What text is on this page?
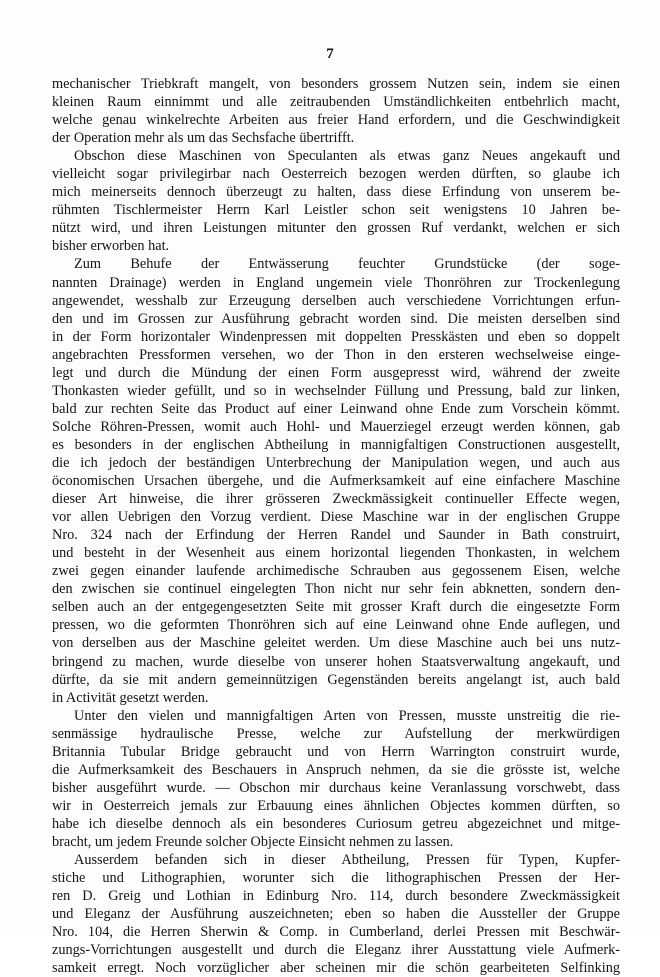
7
mechanischer Triebkraft mangelt, von besonders grossem Nutzen sein, indem sie einen
kleinen Raum einnimmt und alle zeitraubenden Umständlichkeiten entbehrlich macht,
welche genau winkelrechte Arbeiten aus freier Hand erfordern, und die Geschwindigkeit
der Operation mehr als um das Sechsfache übertrifft.
Obschon diese Maschinen von Speculanten als etwas ganz Neues angekauft und
vielleicht sogar privilegirbar nach Oesterreich bezogen werden dürften, so glaube ich
mich meinerseits dennoch überzeugt zu halten, dass diese Erfindung von unserem be-
rühmten Tischlermeister Herrn Karl Leistler schon seit wenigstens 10 Jahren be-
nützt wird, und ihren Leistungen mitunter den grossen Ruf verdankt, welchen er sich
bisher erworben hat.
Zum Behufe der Entwässerung feuchter Grundstücke (der soge-
nannten Drainage) werden in England ungemein viele Thonröhren zur Trockenlegung
angewendet, wesshalb zur Erzeugung derselben auch verschiedene Vorrichtungen erfun-
den und im Grossen zur Ausführung gebracht worden sind. Die meisten derselben sind
in der Form horizontaler Windenpressen mit doppelten Presskästen und eben so doppelt
angebrachten Pressformen versehen, wo der Thon in den ersteren wechselweise einge-
legt und durch die Mündung der einen Form ausgepresst wird, während der zweite
Thonkasten wieder gefüllt, und so in wechselnder Füllung und Pressung, bald zur linken,
bald zur rechten Seite das Product auf einer Leinwand ohne Ende zum Vorschein kömmt.
Solche Röhren-Pressen, womit auch Hohl- und Mauerziegel erzeugt werden können, gab
es besonders in der englischen Abtheilung in mannigfaltigen Constructionen ausgestellt,
die ich jedoch der beständigen Unterbrechung der Manipulation wegen, und auch aus
öconomischen Ursachen übergehe, und die Aufmerksamkeit auf eine einfachere Maschine
dieser Art hinweise, die ihrer grösseren Zweckmässigkeit continueller Effecte wegen,
vor allen Uebrigen den Vorzug verdient. Diese Maschine war in der englischen Gruppe
Nro. 324 nach der Erfindung der Herren Randel und Saunder in Bath construirt,
und besteht in der Wesenheit aus einem horizontal liegenden Thonkasten, in welchem
zwei gegen einander laufende archimedische Schrauben aus gegossenem Eisen, welche
den zwischen sie continuel eingelegten Thon nicht nur sehr fein abknetten, sondern den-
selben auch an der entgegengesetzten Seite mit grosser Kraft durch die eingesetzte Form
pressen, wo die geformten Thonröhren sich auf eine Leinwand ohne Ende auflegen, und
von derselben aus der Maschine geleitet werden. Um diese Maschine auch bei uns nutz-
bringend zu machen, wurde dieselbe von unserer hohen Staatsverwaltung angekauft, und
dürfte, da sie mit andern gemeinnützigen Gegenständen bereits angelangt ist, auch bald
in Activität gesetzt werden.
Unter den vielen und mannigfaltigen Arten von Pressen, musste unstreitig die rie-
senmässige hydraulische Presse, welche zur Aufstellung der merkwürdigen
Britannia Tubular Bridge gebraucht und von Herrn Warrington construirt wurde,
die Aufmerksamkeit des Beschauers in Anspruch nehmen, da sie die grösste ist, welche
bisher ausgeführt wurde. — Obschon mir durchaus keine Veranlassung vorschwebt, dass
wir in Oesterreich jemals zur Erbauung eines ähnlichen Objectes kommen dürften, so
habe ich dieselbe dennoch als ein besonderes Curiosum getreu abgezeichnet und mitge-
bracht, um jedem Freunde solcher Objecte Einsicht nehmen zu lassen.
Ausserdem befanden sich in dieser Abtheilung, Pressen für Typen, Kupfer-
stiche und Lithographien, worunter sich die lithographischen Pressen der Her-
ren D. Greig und Lothian in Edinburg Nro. 114, durch besondere Zweckmässigkeit
und Eleganz der Ausführung auszeichneten; eben so haben die Aussteller der Gruppe
Nro. 104, die Herren Sherwin & Comp. in Cumberland, derlei Pressen mit Beschwär-
zungs-Vorrichtungen ausgestellt und durch die Eleganz ihrer Ausstattung viele Aufmerk-
samkeit erregt. Noch vorzüglicher aber scheinen mir die schön gearbeiteten Selfinking
